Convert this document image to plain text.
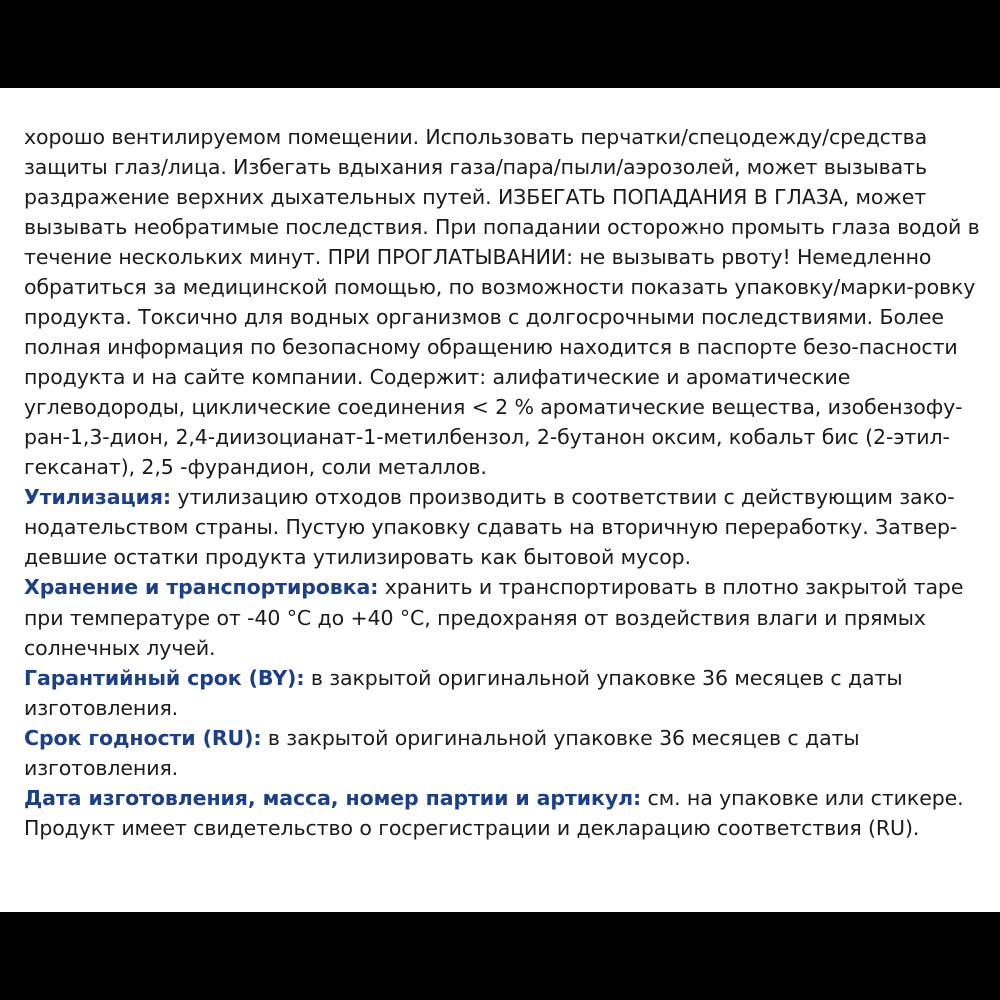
хорошо вентилируемом помещении. Использовать перчатки/спецодежду/средства защиты глаз/лица. Избегать вдыхания газа/пара/пыли/аэрозолей, может вызывать раздражение верхних дыхательных путей. ИЗБЕГАТЬ ПОПАДАНИЯ В ГЛАЗА, может вызывать необратимые последствия. При попадании осторожно промыть глаза водой в течение нескольких минут. ПРИ ПРОГЛАТЫВАНИИ: не вызывать рвоту! Немедленно обратиться за медицинской помощью, по возможности показать упаковку/марки-ровку продукта. Токсично для водных организмов с долгосрочными последствиями. Более полная информация по безопасному обращению находится в паспорте безо-пасности продукта и на сайте компании. Содержит: алифатические и ароматические углеводороды, циклические соединения < 2 % ароматические вещества, изобензофу-ран-1,3-дион, 2,4-диизоцианат-1-метилбензол, 2-бутанон оксим, кобальт бис (2-этил-гексанат), 2,5 -фурандион, соли металлов.

Утилизация: утилизацию отходов производить в соответствии с действующим зако-нодательством страны. Пустую упаковку сдавать на вторичную переработку. Затвер-девшие остатки продукта утилизировать как бытовой мусор.

Хранение и транспортировка: хранить и транспортировать в плотно закрытой таре при температуре от -40 °C до +40 °C, предохраняя от воздействия влаги и прямых солнечных лучей.

Гарантийный срок (BY): в закрытой оригинальной упаковке 36 месяцев с даты изготовления.

Срок годности (RU): в закрытой оригинальной упаковке 36 месяцев с даты изготовления.

Дата изготовления, масса, номер партии и артикул: см. на упаковке или стикере.

Продукт имеет свидетельство о госрегистрации и декларацию соответствия (RU).
